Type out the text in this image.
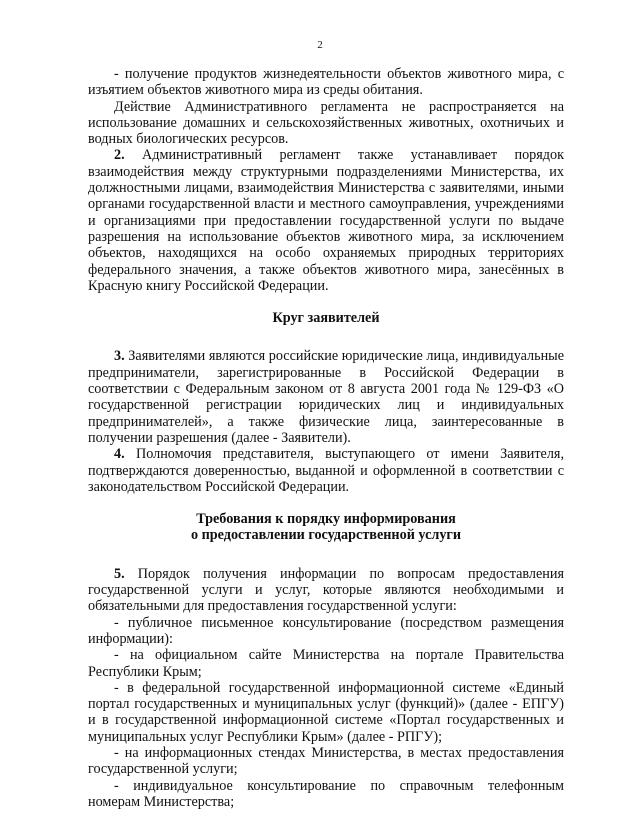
2

- получение продуктов жизнедеятельности объектов животного мира, с изъятием объектов животного мира из среды обитания.

Действие Административного регламента не распространяется на использование домашних и сельскохозяйственных животных, охотничьих и водных биологических ресурсов.

2. Административный регламент также устанавливает порядок взаимодействия между структурными подразделениями Министерства, их должностными лицами, взаимодействия Министерства с заявителями, иными органами государственной власти и местного самоуправления, учреждениями и организациями при предоставлении государственной услуги по выдаче разрешения на использование объектов животного мира, за исключением объектов, находящихся на особо охраняемых природных территориях федерального значения, а также объектов животного мира, занесённых в Красную книгу Российской Федерации.

Круг заявителей

3. Заявителями являются российские юридические лица, индивидуальные предприниматели, зарегистрированные в Российской Федерации в соответствии с Федеральным законом от 8 августа 2001 года № 129-ФЗ «О государственной регистрации юридических лиц и индивидуальных предпринимателей», а также физические лица, заинтересованные в получении разрешения (далее - Заявители).

4. Полномочия представителя, выступающего от имени Заявителя, подтверждаются доверенностью, выданной и оформленной в соответствии с законодательством Российской Федерации.

Требования к порядку информирования

о предоставлении государственной услуги

5. Порядок получения информации по вопросам предоставления государственной услуги и услуг, которые являются необходимыми и обязательными для предоставления государственной услуги:

- публичное письменное консультирование (посредством размещения информации):

- на официальном сайте Министерства на портале Правительства Республики Крым;

- в федеральной государственной информационной системе «Единый портал государственных и муниципальных услуг (функций)» (далее - ЕПГУ) и в государственной информационной системе «Портал государственных и муниципальных услуг Республики Крым» (далее - РПГУ);

- на информационных стендах Министерства, в местах предоставления государственной услуги;

- индивидуальное консультирование по справочным телефонным номерам Министерства;
